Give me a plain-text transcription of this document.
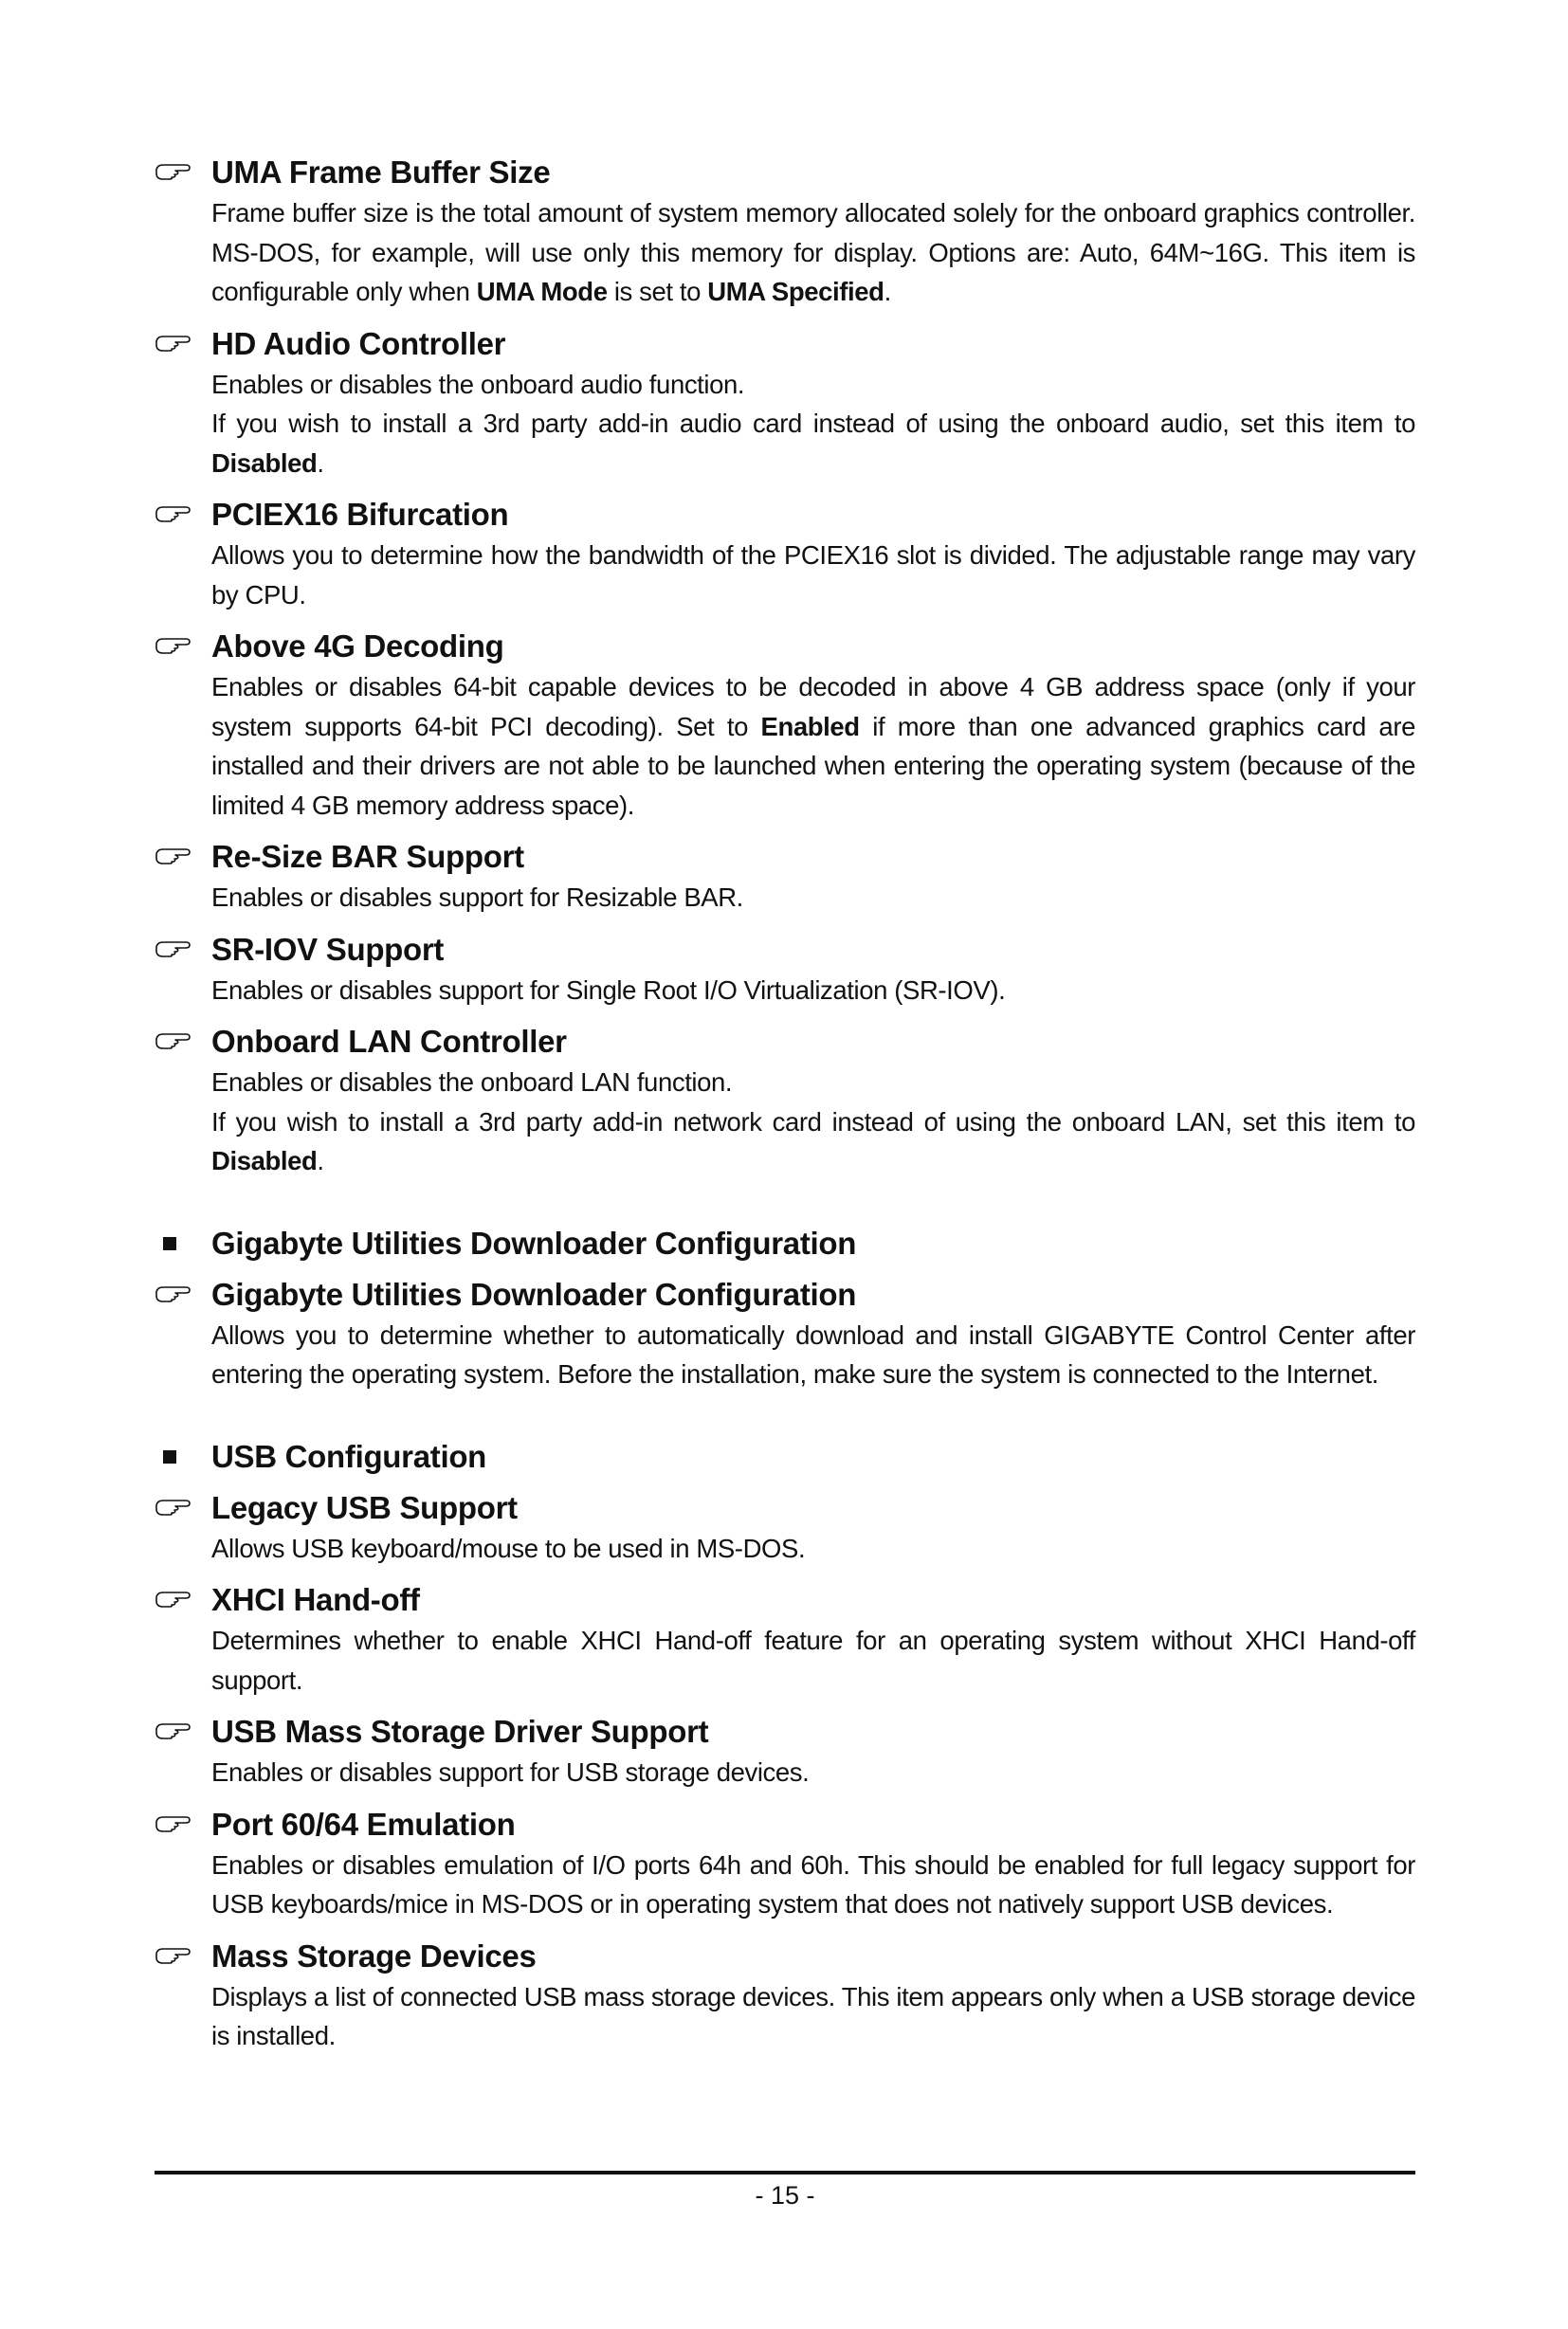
UMA Frame Buffer Size

Frame buffer size is the total amount of system memory allocated solely for the onboard graphics controller. MS-DOS, for example, will use only this memory for display. Options are: Auto, 64M~16G. This item is configurable only when UMA Mode is set to UMA Specified.

HD Audio Controller

Enables or disables the onboard audio function.

If you wish to install a 3rd party add-in audio card instead of using the onboard audio, set this item to Disabled.

PCIEX16 Bifurcation

Allows you to determine how the bandwidth of the PCIEX16 slot is divided. The adjustable range may vary by CPU.

Above 4G Decoding

Enables or disables 64-bit capable devices to be decoded in above 4 GB address space (only if your system supports 64-bit PCI decoding). Set to Enabled if more than one advanced graphics card are installed and their drivers are not able to be launched when entering the operating system (because of the limited 4 GB memory address space).

Re-Size BAR Support

Enables or disables support for Resizable BAR.

SR-IOV Support

Enables or disables support for Single Root I/O Virtualization (SR-IOV).

Onboard LAN Controller

Enables or disables the onboard LAN function.

If you wish to install a 3rd party add-in network card instead of using the onboard LAN, set this item to Disabled.

Gigabyte Utilities Downloader Configuration
Gigabyte Utilities Downloader Configuration

Allows you to determine whether to automatically download and install GIGABYTE Control Center after entering the operating system. Before the installation, make sure the system is connected to the Internet.

USB Configuration
Legacy USB Support

Allows USB keyboard/mouse to be used in MS-DOS.

XHCI Hand-off

Determines whether to enable XHCI Hand-off feature for an operating system without XHCI Hand-off support.

USB Mass Storage Driver Support

Enables or disables support for USB storage devices.

Port 60/64 Emulation

Enables or disables emulation of I/O ports 64h and 60h. This should be enabled for full legacy support for USB keyboards/mice in MS-DOS or in operating system that does not natively support USB devices.

Mass Storage Devices

Displays a list of connected USB mass storage devices. This item appears only when a USB storage device is installed.

- 15 -
